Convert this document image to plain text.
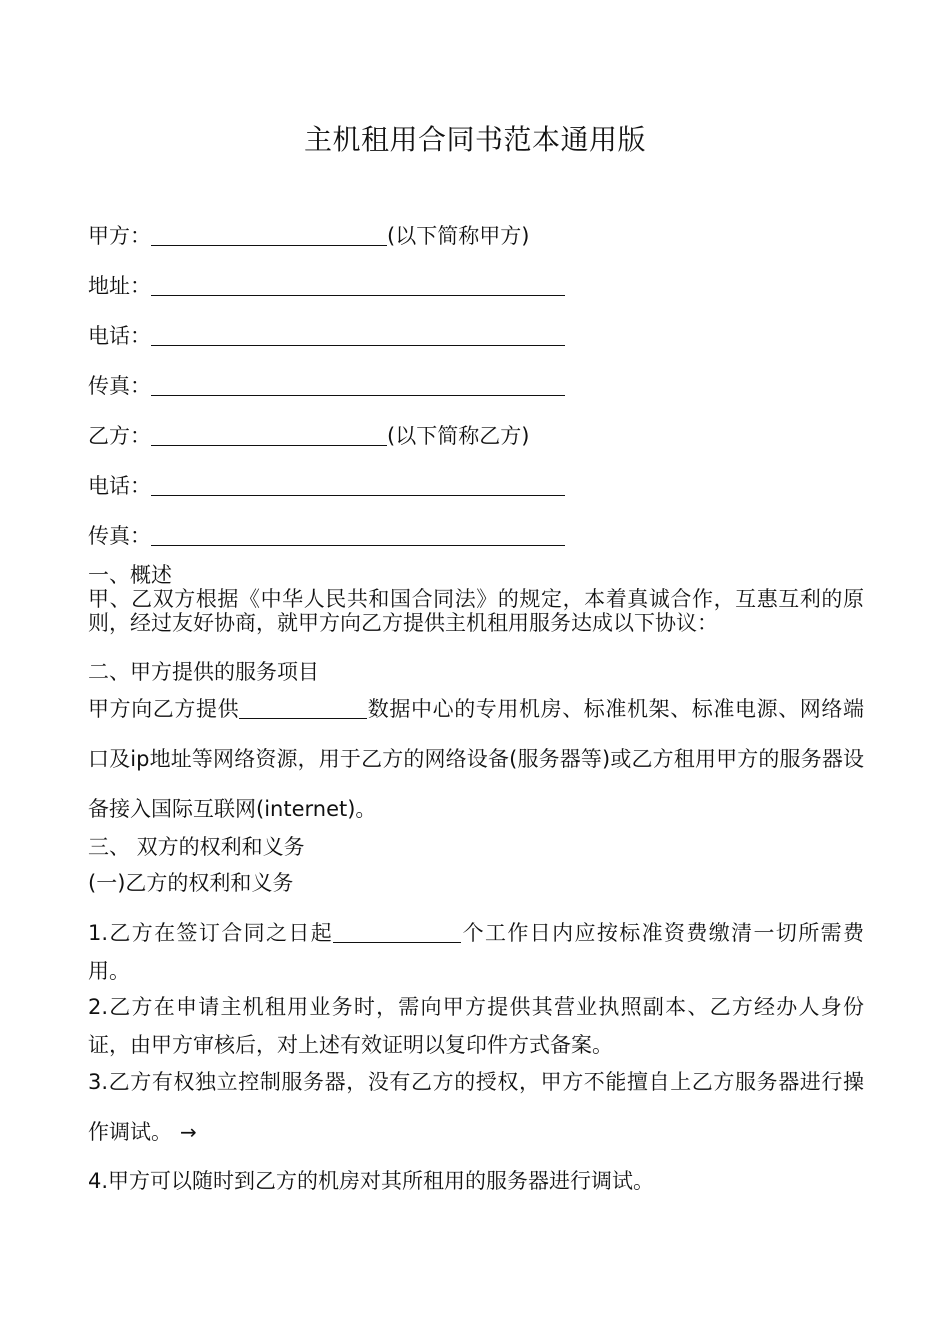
主机租用合同书范本通用版
甲方：	(以下简称甲方)
地址：
电话：
传真：
乙方：	(以下简称乙方)
电话：
传真：
一、概述
甲、乙双方根据《中华人民共和国合同法》的规定，本着真诚合作，互惠互利的原则，经过友好协商，就甲方向乙方提供主机租用服务达成以下协议：
二、甲方提供的服务项目
甲方向乙方提供	数据中心的专用机房、标准机架、标准电源、网络端口及ip地址等网络资源，用于乙方的网络设备(服务器等)或乙方租用甲方的服务器设备接入国际互联网(internet)。
三、 双方的权利和义务
(一)乙方的权利和义务
1.乙方在签订合同之日起	个工作日内应按标准资费缴清一切所需费用。
2.乙方在申请主机租用业务时，需向甲方提供其营业执照副本、乙方经办人身份证，由甲方审核后，对上述有效证明以复印件方式备案。
3.乙方有权独立控制服务器，没有乙方的授权，甲方不能擅自上乙方服务器进行操作调试。 →
4.甲方可以随时到乙方的机房对其所租用的服务器进行调试。
